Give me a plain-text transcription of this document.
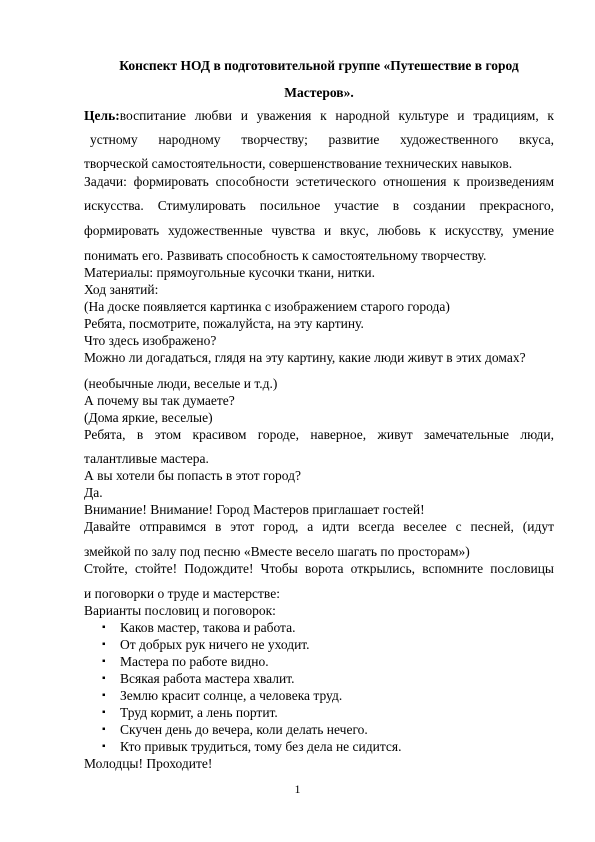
Конспект НОД в подготовительной группе «Путешествие в город
Мастеров».
Цель:воспитание любви и уважения к народной культуре и традициям, к
устному народному творчеству; развитие художественного вкуса,
творческой самостоятельности, совершенствование технических навыков.
Задачи: формировать способности эстетического отношения к произведениям
искусства. Стимулировать посильное участие в создании прекрасного,
формировать художественные чувства и вкус, любовь к искусству, умение
понимать его. Развивать способность к самостоятельному творчеству.
Материалы: прямоугольные кусочки ткани, нитки.
Ход занятий:
(На доске появляется картинка с изображением старого города)
Ребята, посмотрите, пожалуйста, на эту картину.
Что здесь изображено?
Можно ли догадаться, глядя на эту картину, какие люди живут в этих домах?
(необычные люди, веселые и т.д.)
А почему вы так думаете?
(Дома яркие, веселые)
Ребята, в этом красивом городе, наверное, живут замечательные люди,
талантливые мастера.
А вы хотели бы попасть в этот город?
Да.
Внимание! Внимание! Город Мастеров приглашает гостей!
Давайте отправимся в этот город, а идти всегда веселее с песней, (идут
змейкой по залу под песню «Вместе весело шагать по просторам»)
Стойте, стойте! Подождите! Чтобы ворота открылись, вспомните пословицы
и поговорки о труде и мастерстве:
Варианты пословиц и поговорок:
▪ Каков мастер, такова и работа.
▪ От добрых рук ничего не уходит.
▪ Мастера по работе видно.
▪ Всякая работа мастера хвалит.
▪ Землю красит солнце, а человека труд.
▪ Труд кормит, а лень портит.
▪ Скучен день до вечера, коли делать нечего.
▪ Кто привык трудиться, тому без дела не сидится.
Молодцы! Проходите!
1
